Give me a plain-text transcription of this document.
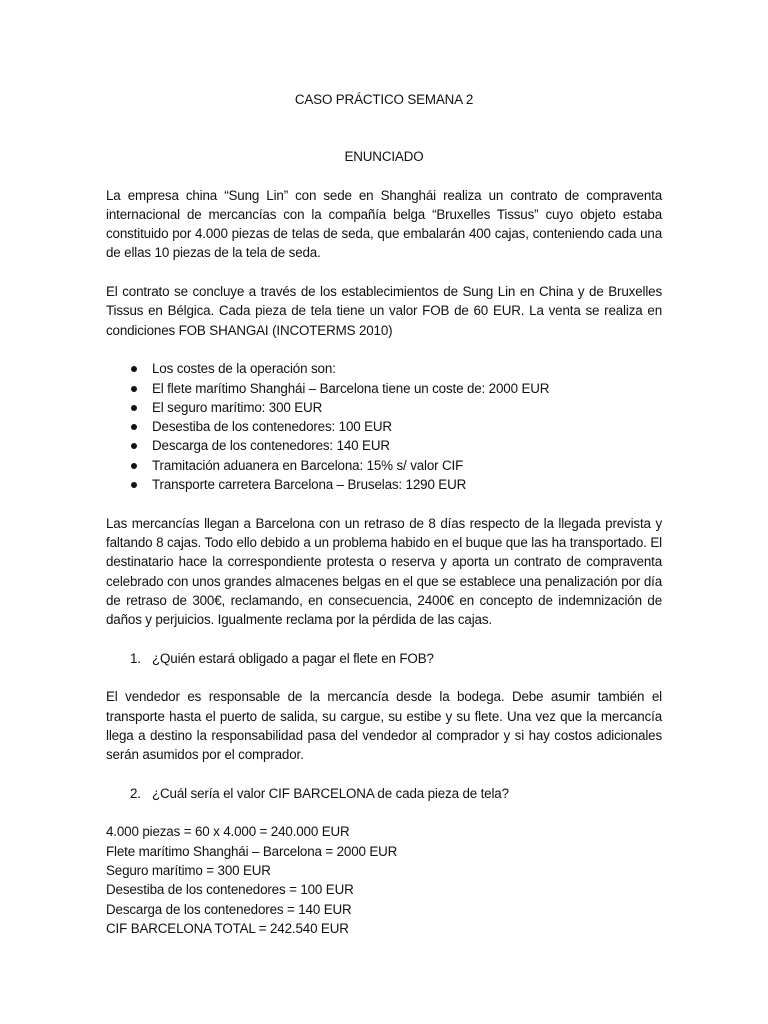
CASO PRÁCTICO SEMANA 2

ENUNCIADO

La empresa china “Sung Lin” con sede en Shanghái realiza un contrato de compraventa internacional de mercancías con la compañía belga “Bruxelles Tissus” cuyo objeto estaba constituido por 4.000 piezas de telas de seda, que embalarán 400 cajas, conteniendo cada una de ellas 10 piezas de la tela de seda.

El contrato se concluye a través de los establecimientos de Sung Lin en China y de Bruxelles Tissus en Bélgica. Cada pieza de tela tiene un valor FOB de 60 EUR. La venta se realiza en condiciones FOB SHANGAI (INCOTERMS 2010)

Los costes de la operación son:
El flete marítimo Shanghái – Barcelona tiene un coste de: 2000 EUR
El seguro marítimo: 300 EUR
Desestiba de los contenedores: 100 EUR
Descarga de los contenedores: 140 EUR
Tramitación aduanera en Barcelona: 15% s/ valor CIF
Transporte carretera Barcelona – Bruselas: 1290 EUR

Las mercancías llegan a Barcelona con un retraso de 8 días respecto de la llegada prevista y faltando 8 cajas. Todo ello debido a un problema habido en el buque que las ha transportado. El destinatario hace la correspondiente protesta o reserva y aporta un contrato de compraventa celebrado con unos grandes almacenes belgas en el que se establece una penalización por día de retraso de 300€, reclamando, en consecuencia, 2400€ en concepto de indemnización de daños y perjuicios. Igualmente reclama por la pérdida de las cajas.

1. ¿Quién estará obligado a pagar el flete en FOB?

El vendedor es responsable de la mercancía desde la bodega. Debe asumir también el transporte hasta el puerto de salida, su cargue, su estibe y su flete. Una vez que la mercancía llega a destino la responsabilidad pasa del vendedor al comprador y si hay costos adicionales serán asumidos por el comprador.

2. ¿Cuál sería el valor CIF BARCELONA de cada pieza de tela?

4.000 piezas = 60 x 4.000 = 240.000 EUR

Flete marítimo Shanghái – Barcelona = 2000 EUR

Seguro marítimo = 300 EUR

Desestiba de los contenedores = 100 EUR

Descarga de los contenedores = 140 EUR

CIF BARCELONA TOTAL = 242.540 EUR
